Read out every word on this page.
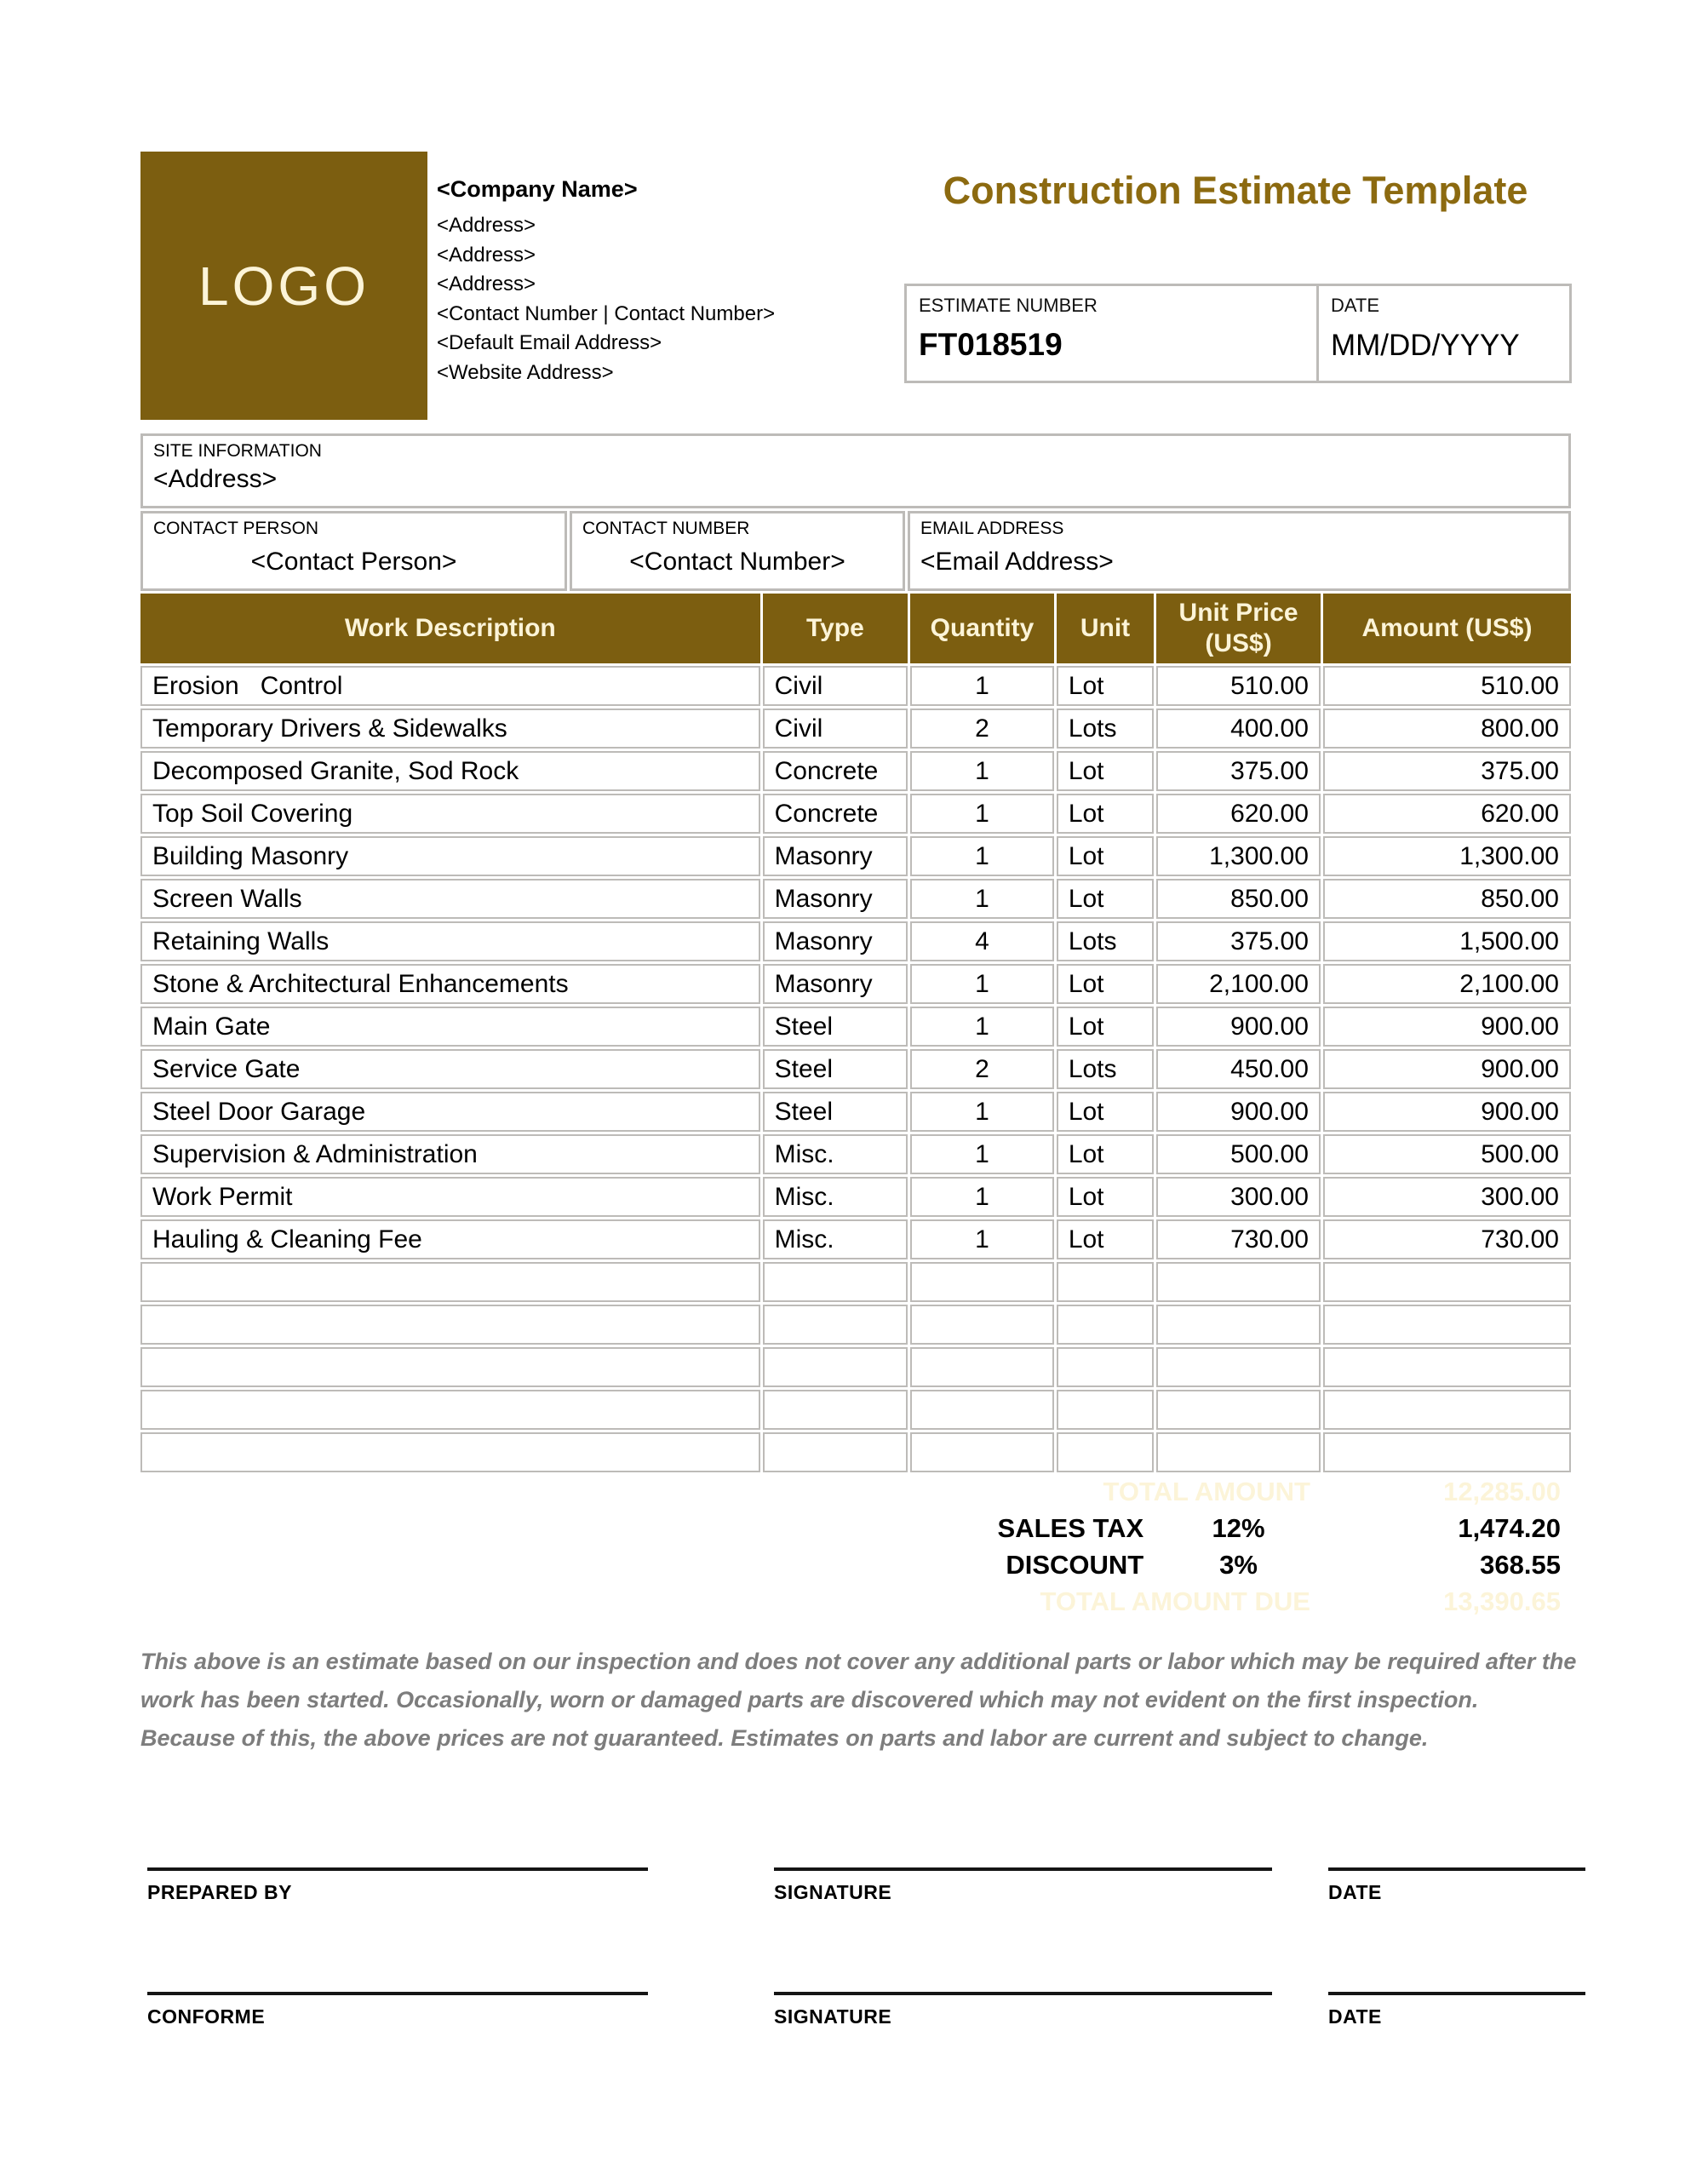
LOGO
<Company Name>
<Address>
<Address>
<Address>
<Contact Number | Contact Number>
<Default Email Address>
<Website Address>
Construction Estimate Template
ESTIMATE NUMBER
FT018519
DATE
MM/DD/YYYY
SITE INFORMATION
<Address>
CONTACT PERSON
<Contact Person>
CONTACT NUMBER
<Contact Number>
EMAIL ADDRESS
<Email Address>
Work Description	Type	Quantity	Unit	Unit Price (US$)	Amount (US$)
Erosion   Control	Civil	1	Lot	510.00	510.00
Temporary Drivers & Sidewalks	Civil	2	Lots	400.00	800.00
Decomposed Granite, Sod Rock	Concrete	1	Lot	375.00	375.00
Top Soil Covering	Concrete	1	Lot	620.00	620.00
Building Masonry	Masonry	1	Lot	1,300.00	1,300.00
Screen Walls	Masonry	1	Lot	850.00	850.00
Retaining Walls	Masonry	4	Lots	375.00	1,500.00
Stone & Architectural Enhancements	Masonry	1	Lot	2,100.00	2,100.00
Main Gate	Steel	1	Lot	900.00	900.00
Service Gate	Steel	2	Lots	450.00	900.00
Steel Door Garage	Steel	1	Lot	900.00	900.00
Supervision & Administration	Misc.	1	Lot	500.00	500.00
Work Permit	Misc.	1	Lot	300.00	300.00
Hauling & Cleaning Fee	Misc.	1	Lot	730.00	730.00

TOTAL AMOUNT					12,285.00
SALES TAX				12%	1,474.20
DISCOUNT				3%	368.55
TOTAL AMOUNT DUE					13,390.65
This above is an estimate based on our inspection and does not cover any additional parts or labor which may be required after the work has been started. Occasionally, worn or damaged parts are discovered which may not evident on the first inspection. Because of this, the above prices are not guaranteed. Estimates on parts and labor are current and subject to change.
PREPARED BY	SIGNATURE	DATE
CONFORME	SIGNATURE	DATE
